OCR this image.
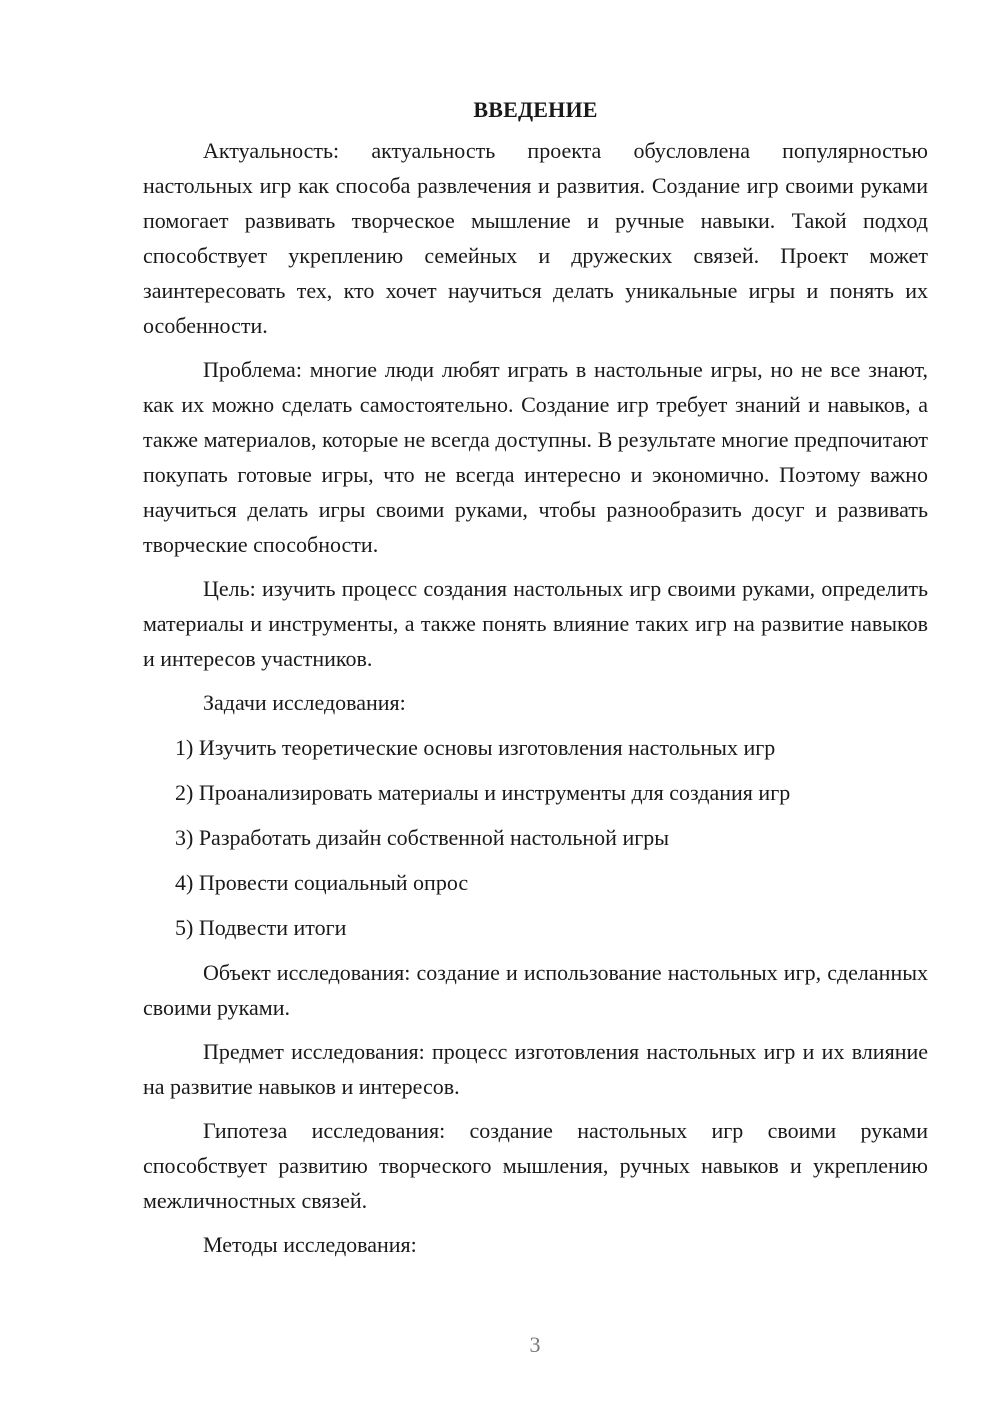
ВВЕДЕНИЕ

Актуальность: актуальность проекта обусловлена популярностью настольных игр как способа развлечения и развития. Создание игр своими руками помогает развивать творческое мышление и ручные навыки. Такой подход способствует укреплению семейных и дружеских связей. Проект может заинтересовать тех, кто хочет научиться делать уникальные игры и понять их особенности.

Проблема: многие люди любят играть в настольные игры, но не все знают, как их можно сделать самостоятельно. Создание игр требует знаний и навыков, а также материалов, которые не всегда доступны. В результате многие предпочитают покупать готовые игры, что не всегда интересно и экономично. Поэтому важно научиться делать игры своими руками, чтобы разнообразить досуг и развивать творческие способности.

Цель: изучить процесс создания настольных игр своими руками, определить материалы и инструменты, а также понять влияние таких игр на развитие навыков и интересов участников.

Задачи исследования:

1) Изучить теоретические основы изготовления настольных игр
2) Проанализировать материалы и инструменты для создания игр
3) Разработать дизайн собственной настольной игры
4) Провести социальный опрос
5) Подвести итоги

Объект исследования: создание и использование настольных игр, сделанных своими руками.

Предмет исследования: процесс изготовления настольных игр и их влияние на развитие навыков и интересов.

Гипотеза исследования: создание настольных игр своими руками способствует развитию творческого мышления, ручных навыков и укреплению межличностных связей.

Методы исследования:

3
